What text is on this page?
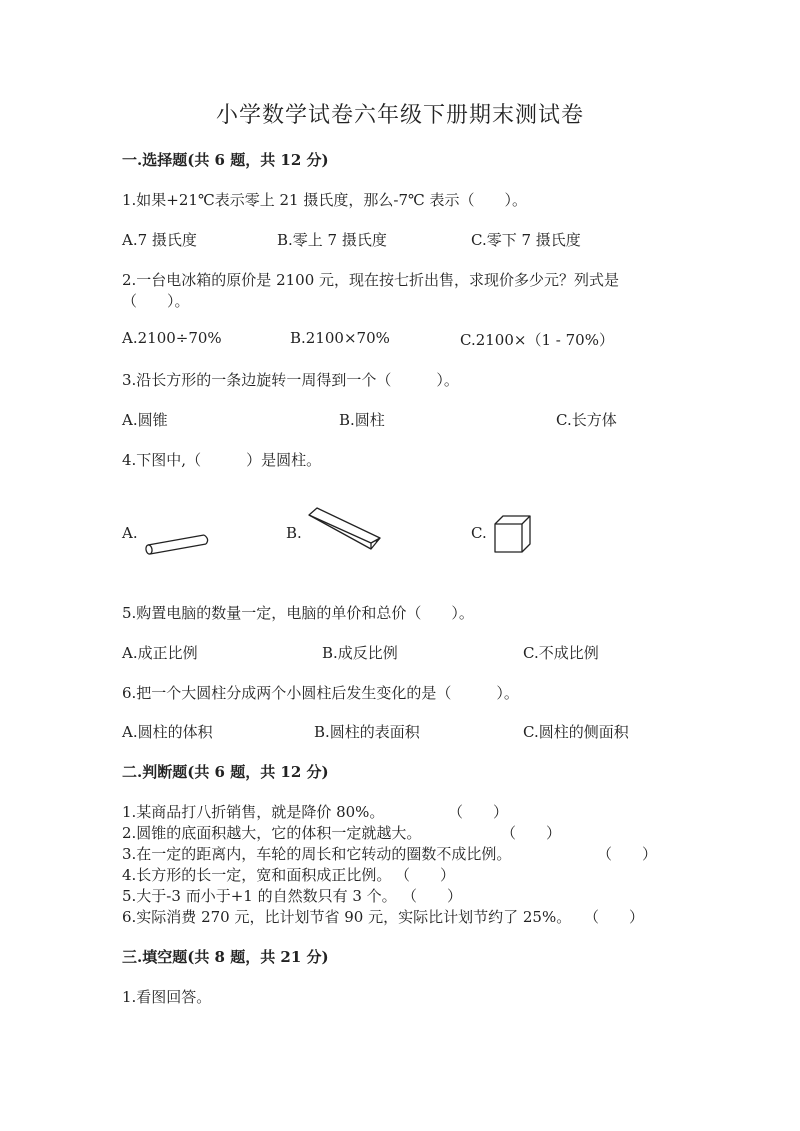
小学数学试卷六年级下册期末测试卷
一.选择题(共 6 题，共 12 分)
1.如果+21℃表示零上 21 摄氏度，那么-7℃ 表示（　　）。
A.7 摄氏度	B.零上 7 摄氏度	C.零下 7 摄氏度
2.一台电冰箱的原价是 2100 元，现在按七折出售，求现价多少元？列式是
（　　）。
A.2100÷70%	B.2100×70%	C.2100×（1 - 70%）
3.沿长方形的一条边旋转一周得到一个（　　　）。
A.圆锥	B.圆柱	C.长方体
4.下图中,（　　　）是圆柱。
A.	B.	C.
5.购置电脑的数量一定，电脑的单价和总价（　　）。
A.成正比例	B.成反比例	C.不成比例
6.把一个大圆柱分成两个小圆柱后发生变化的是（　　　）。
A.圆柱的体积	B.圆柱的表面积	C.圆柱的侧面积
二.判断题(共 6 题，共 12 分)
1.某商品打八折销售，就是降价 80%。	（　　）
2.圆锥的底面积越大，它的体积一定就越大。	（　　）
3.在一定的距离内，车轮的周长和它转动的圈数不成比例。	（　　）
4.长方形的长一定，宽和面积成正比例。 （　　）
5.大于-3 而小于+1 的自然数只有 3 个。 （　　）
6.实际消费 270 元，比计划节省 90 元，实际比计划节约了 25%。 （　　）
三.填空题(共 8 题，共 21 分)
1.看图回答。
